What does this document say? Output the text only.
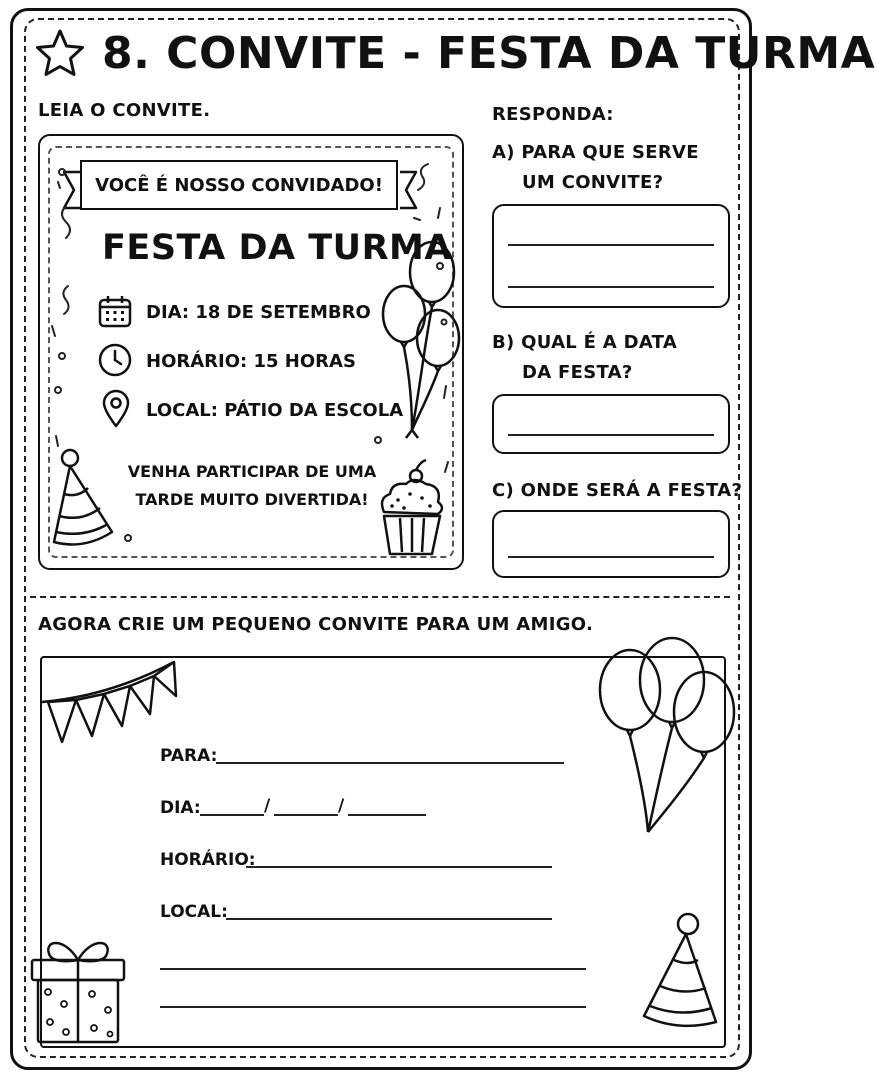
8. CONVITE - FESTA DA TURMA
LEIA O CONVITE.
VOCÊ É NOSSO CONVIDADO!
FESTA DA TURMA
DIA: 18 DE SETEMBRO
HORÁRIO: 15 HORAS
LOCAL: PÁTIO DA ESCOLA
VENHA PARTICIPAR DE UMA
TARDE MUITO DIVERTIDA!
RESPONDA:
A) PARA QUE SERVE
UM CONVITE?
B) QUAL É A DATA
DA FESTA?
C) ONDE SERÁ A FESTA?
AGORA CRIE UM PEQUENO CONVITE PARA UM AMIGO.
PARA:
DIA:	/	/
HORÁRIO:
LOCAL:
